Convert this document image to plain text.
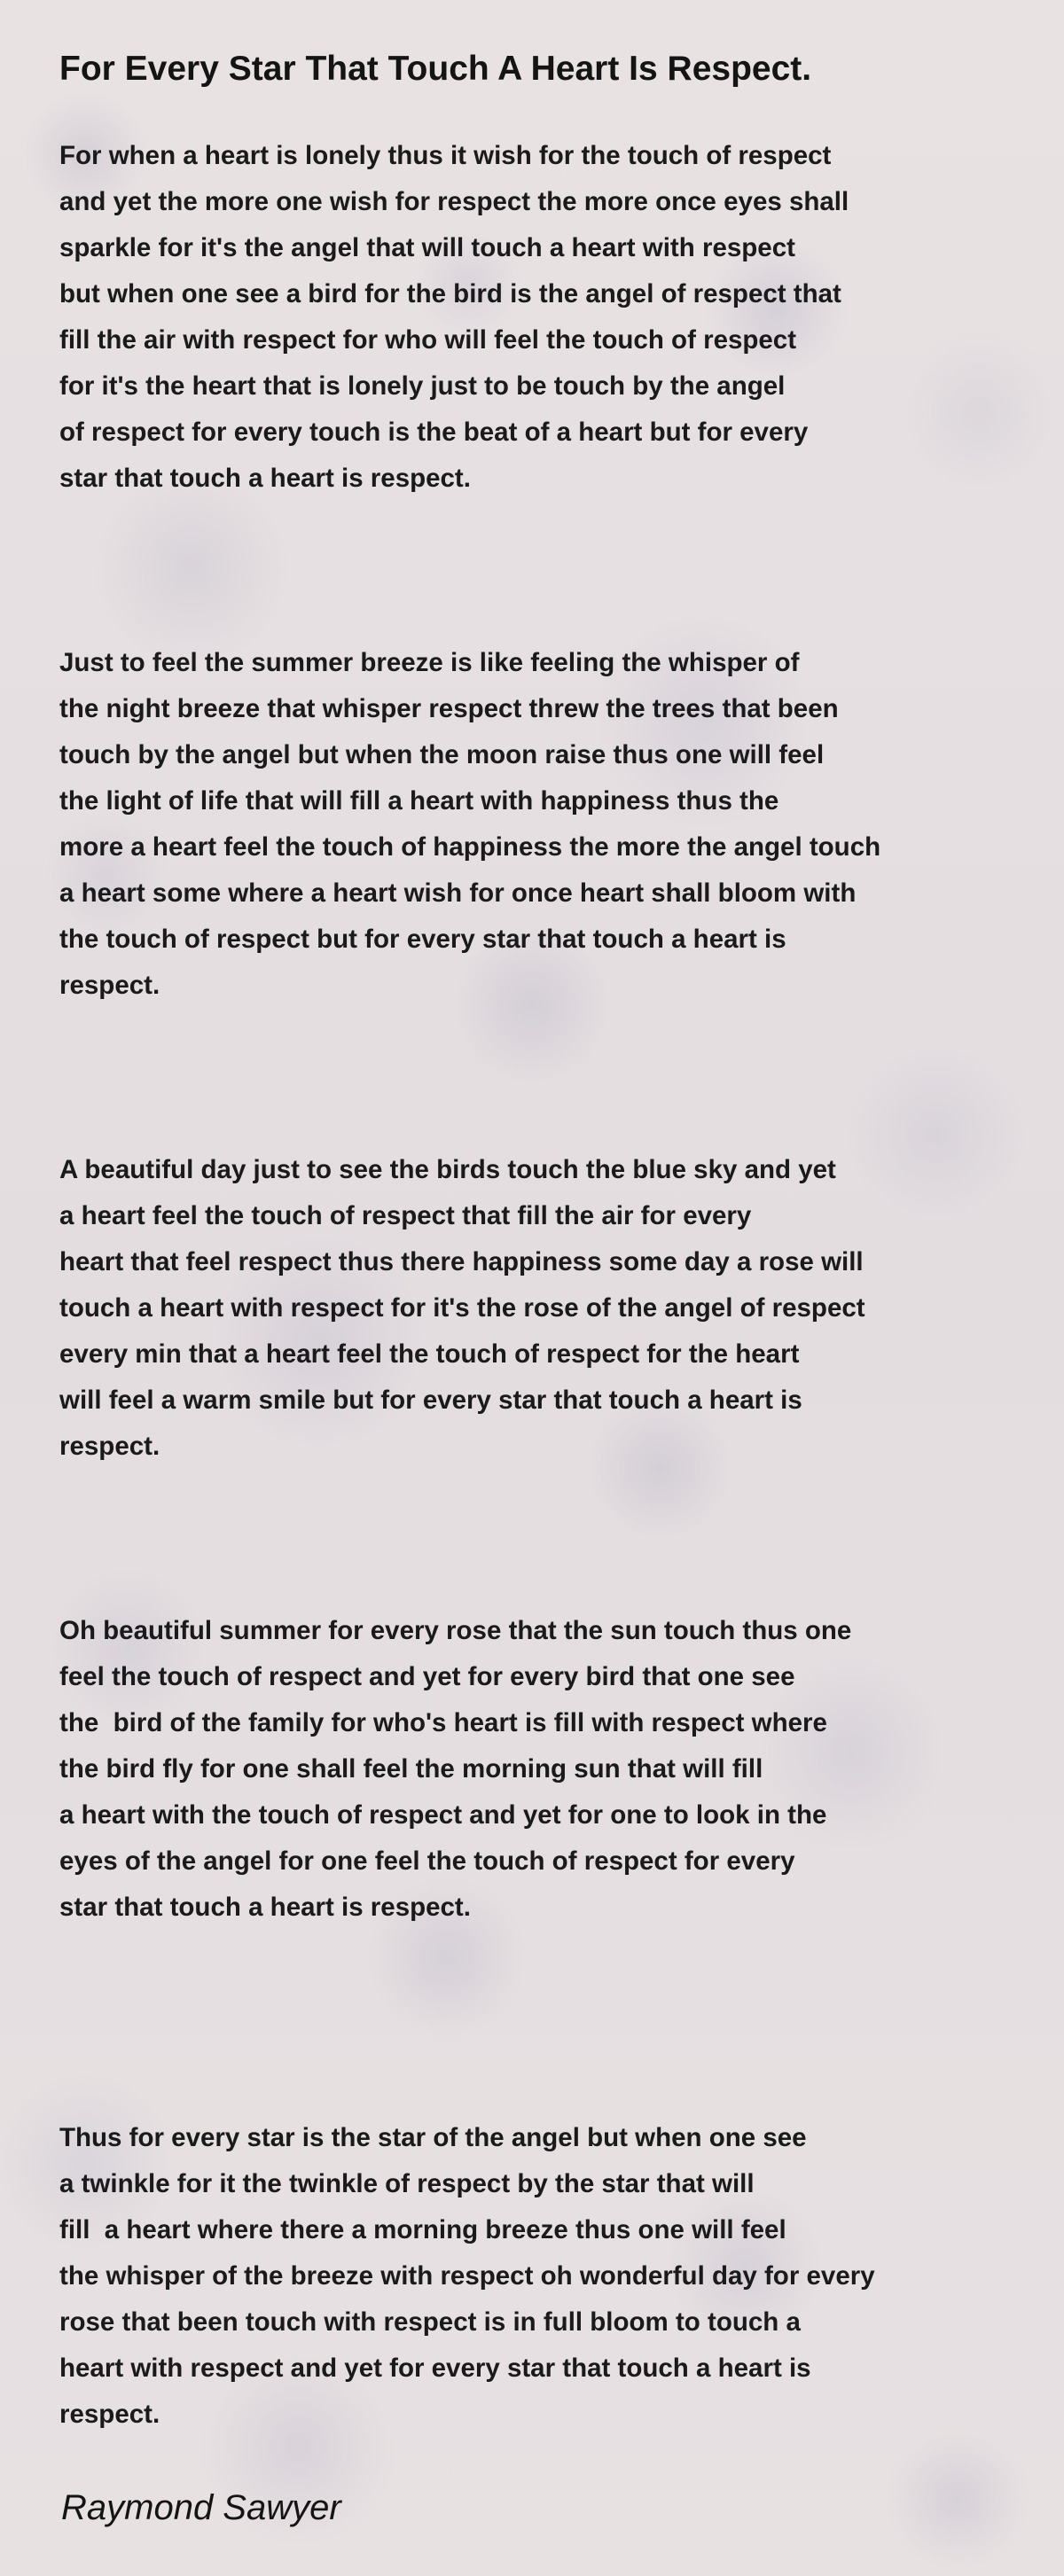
For Every Star That Touch A Heart Is Respect.
For when a heart is lonely thus it wish for the touch of respect
and yet the more one wish for respect the more once eyes shall
sparkle for it's the angel that will touch a heart with respect
but when one see a bird for the bird is the angel of respect that
fill the air with respect for who will feel the touch of respect
for it's the heart that is lonely just to be touch by the angel
of respect for every touch is the beat of a heart but for every
star that touch a heart is respect.
Just to feel the summer breeze is like feeling the whisper of
the night breeze that whisper respect threw the trees that been
touch by the angel but when the moon raise thus one will feel
the light of life that will fill a heart with happiness thus the
more a heart feel the touch of happiness the more the angel touch
a heart some where a heart wish for once heart shall bloom with
the touch of respect but for every star that touch a heart is
respect.
A beautiful day just to see the birds touch the blue sky and yet
a heart feel the touch of respect that fill the air for every
heart that feel respect thus there happiness some day a rose will
touch a heart with respect for it's the rose of the angel of respect
every min that a heart feel the touch of respect for the heart
will feel a warm smile but for every star that touch a heart is
respect.
Oh beautiful summer for every rose that the sun touch thus one
feel the touch of respect and yet for every bird that one see
the  bird of the family for who's heart is fill with respect where
the bird fly for one shall feel the morning sun that will fill
a heart with the touch of respect and yet for one to look in the
eyes of the angel for one feel the touch of respect for every
star that touch a heart is respect.
Thus for every star is the star of the angel but when one see
a twinkle for it the twinkle of respect by the star that will
fill  a heart where there a morning breeze thus one will feel
the whisper of the breeze with respect oh wonderful day for every
rose that been touch with respect is in full bloom to touch a
heart with respect and yet for every star that touch a heart is
respect.

Raymond Sawyer
